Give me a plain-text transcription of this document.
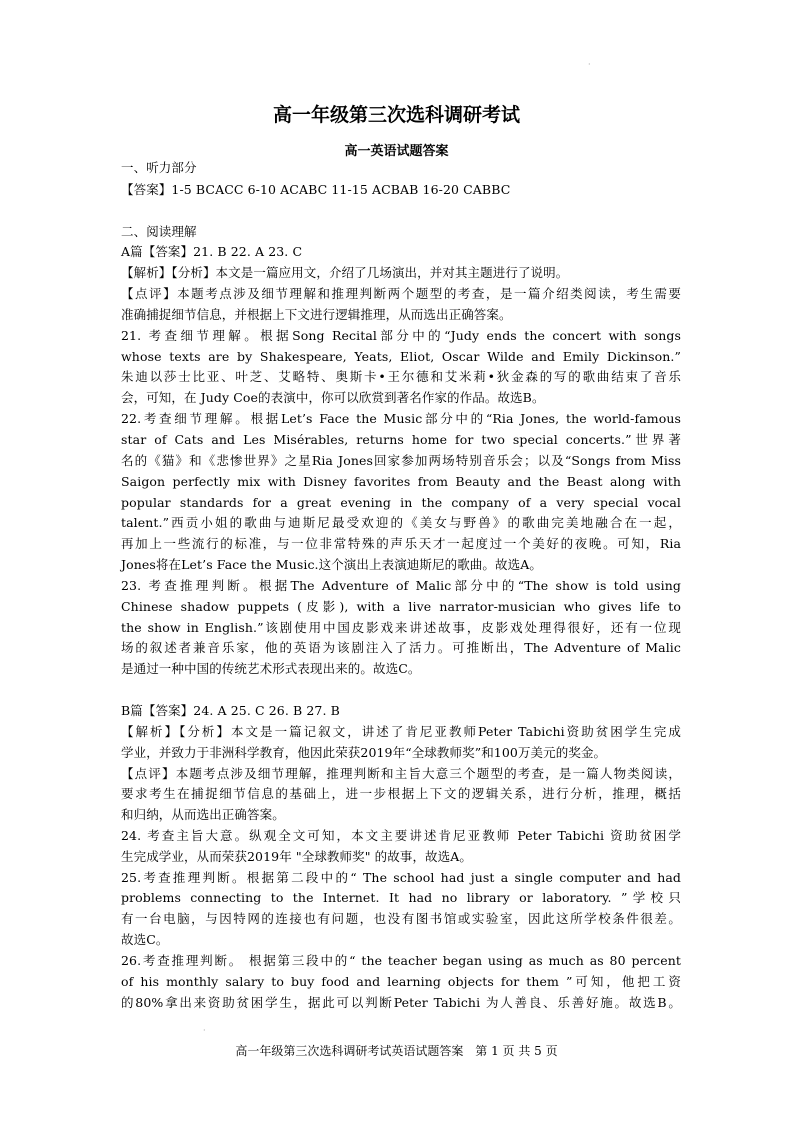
·
高一年级第三次选科调研考试
高一英语试题答案
一、听力部分
【答案】1-5 BCACC 6-10 ACABC 11-15 ACBAB 16-20 CABBC
二、阅读理解
A篇【答案】21. B 22. A 23. C
【解析】【分析】本文是一篇应用文，介绍了几场演出，并对其主题进行了说明。
【点评】本题考点涉及细节理解和推理判断两个题型的考查，是一篇介绍类阅读，考生需要
准确捕捉细节信息，并根据上下文进行逻辑推理，从而选出正确答案。
21. 考查细节理解。根据Song Recital部分中的“Judy ends the concert with songs
whose texts are by Shakespeare, Yeats, Eliot, Oscar Wilde and Emily Dickinson.”
朱迪以莎士比亚、叶芝、艾略特、奥斯卡•王尔德和艾米莉•狄金森的写的歌曲结束了音乐
会，可知，在 Judy Coe的表演中，你可以欣赏到著名作家的作品。故选B。
22.考查细节理解。根据Let’s Face the Music部分中的“Ria Jones, the world-famous
star of Cats and Les Misérables, returns home for two special concerts.”世界著
名的《猫》和《悲惨世界》之星Ria Jones回家参加两场特别音乐会；以及“Songs from Miss
Saigon perfectly mix with Disney favorites from Beauty and the Beast along with
popular standards for a great evening in the company of a very special vocal
talent.”西贡小姐的歌曲与迪斯尼最受欢迎的《美女与野兽》的歌曲完美地融合在一起，
再加上一些流行的标准，与一位非常特殊的声乐天才一起度过一个美好的夜晚。可知，Ria
Jones将在Let’s Face the Music.这个演出上表演迪斯尼的歌曲。故选A。
23. 考查推理判断。根据The Adventure of Malic部分中的“The show is told using
Chinese shadow puppets (皮影), with a live narrator-musician who gives life to
the show in English.”该剧使用中国皮影戏来讲述故事，皮影戏处理得很好，还有一位现
场的叙述者兼音乐家，他的英语为该剧注入了活力。可推断出，The Adventure of Malic
是通过一种中国的传统艺术形式表现出来的。故选C。
B篇【答案】24. A 25. C 26. B 27. B
【解析】【分析】本文是一篇记叙文，讲述了肯尼亚教师Peter Tabichi资助贫困学生完成
学业，并致力于非洲科学教育，他因此荣获2019年“全球教师奖”和100万美元的奖金。
【点评】本题考点涉及细节理解，推理判断和主旨大意三个题型的考查，是一篇人物类阅读，
要求考生在捕捉细节信息的基础上，进一步根据上下文的逻辑关系，进行分析，推理，概括
和归纳，从而选出正确答案。
24. 考查主旨大意。纵观全文可知，本文主要讲述肯尼亚教师 Peter Tabichi 资助贫困学
生完成学业，从而荣获2019年 "全球教师奖" 的故事，故选A。
25.考查推理判断。根据第二段中的“ The school had just a single computer and had
problems connecting to the Internet. It had no library or laboratory. ”学校只
有一台电脑，与因特网的连接也有问题，也没有图书馆或实验室，因此这所学校条件很差。
故选C。
26.考查推理判断。 根据第三段中的“ the teacher began using as much as 80 percent
of his monthly salary to buy food and learning objects for them ”可知，他把工资
的80%拿出来资助贫困学生，据此可以判断Peter Tabichi 为人善良、乐善好施。故选B。
·
高一年级第三次选科调研考试英语试题答案 第 1 页 共 5 页
